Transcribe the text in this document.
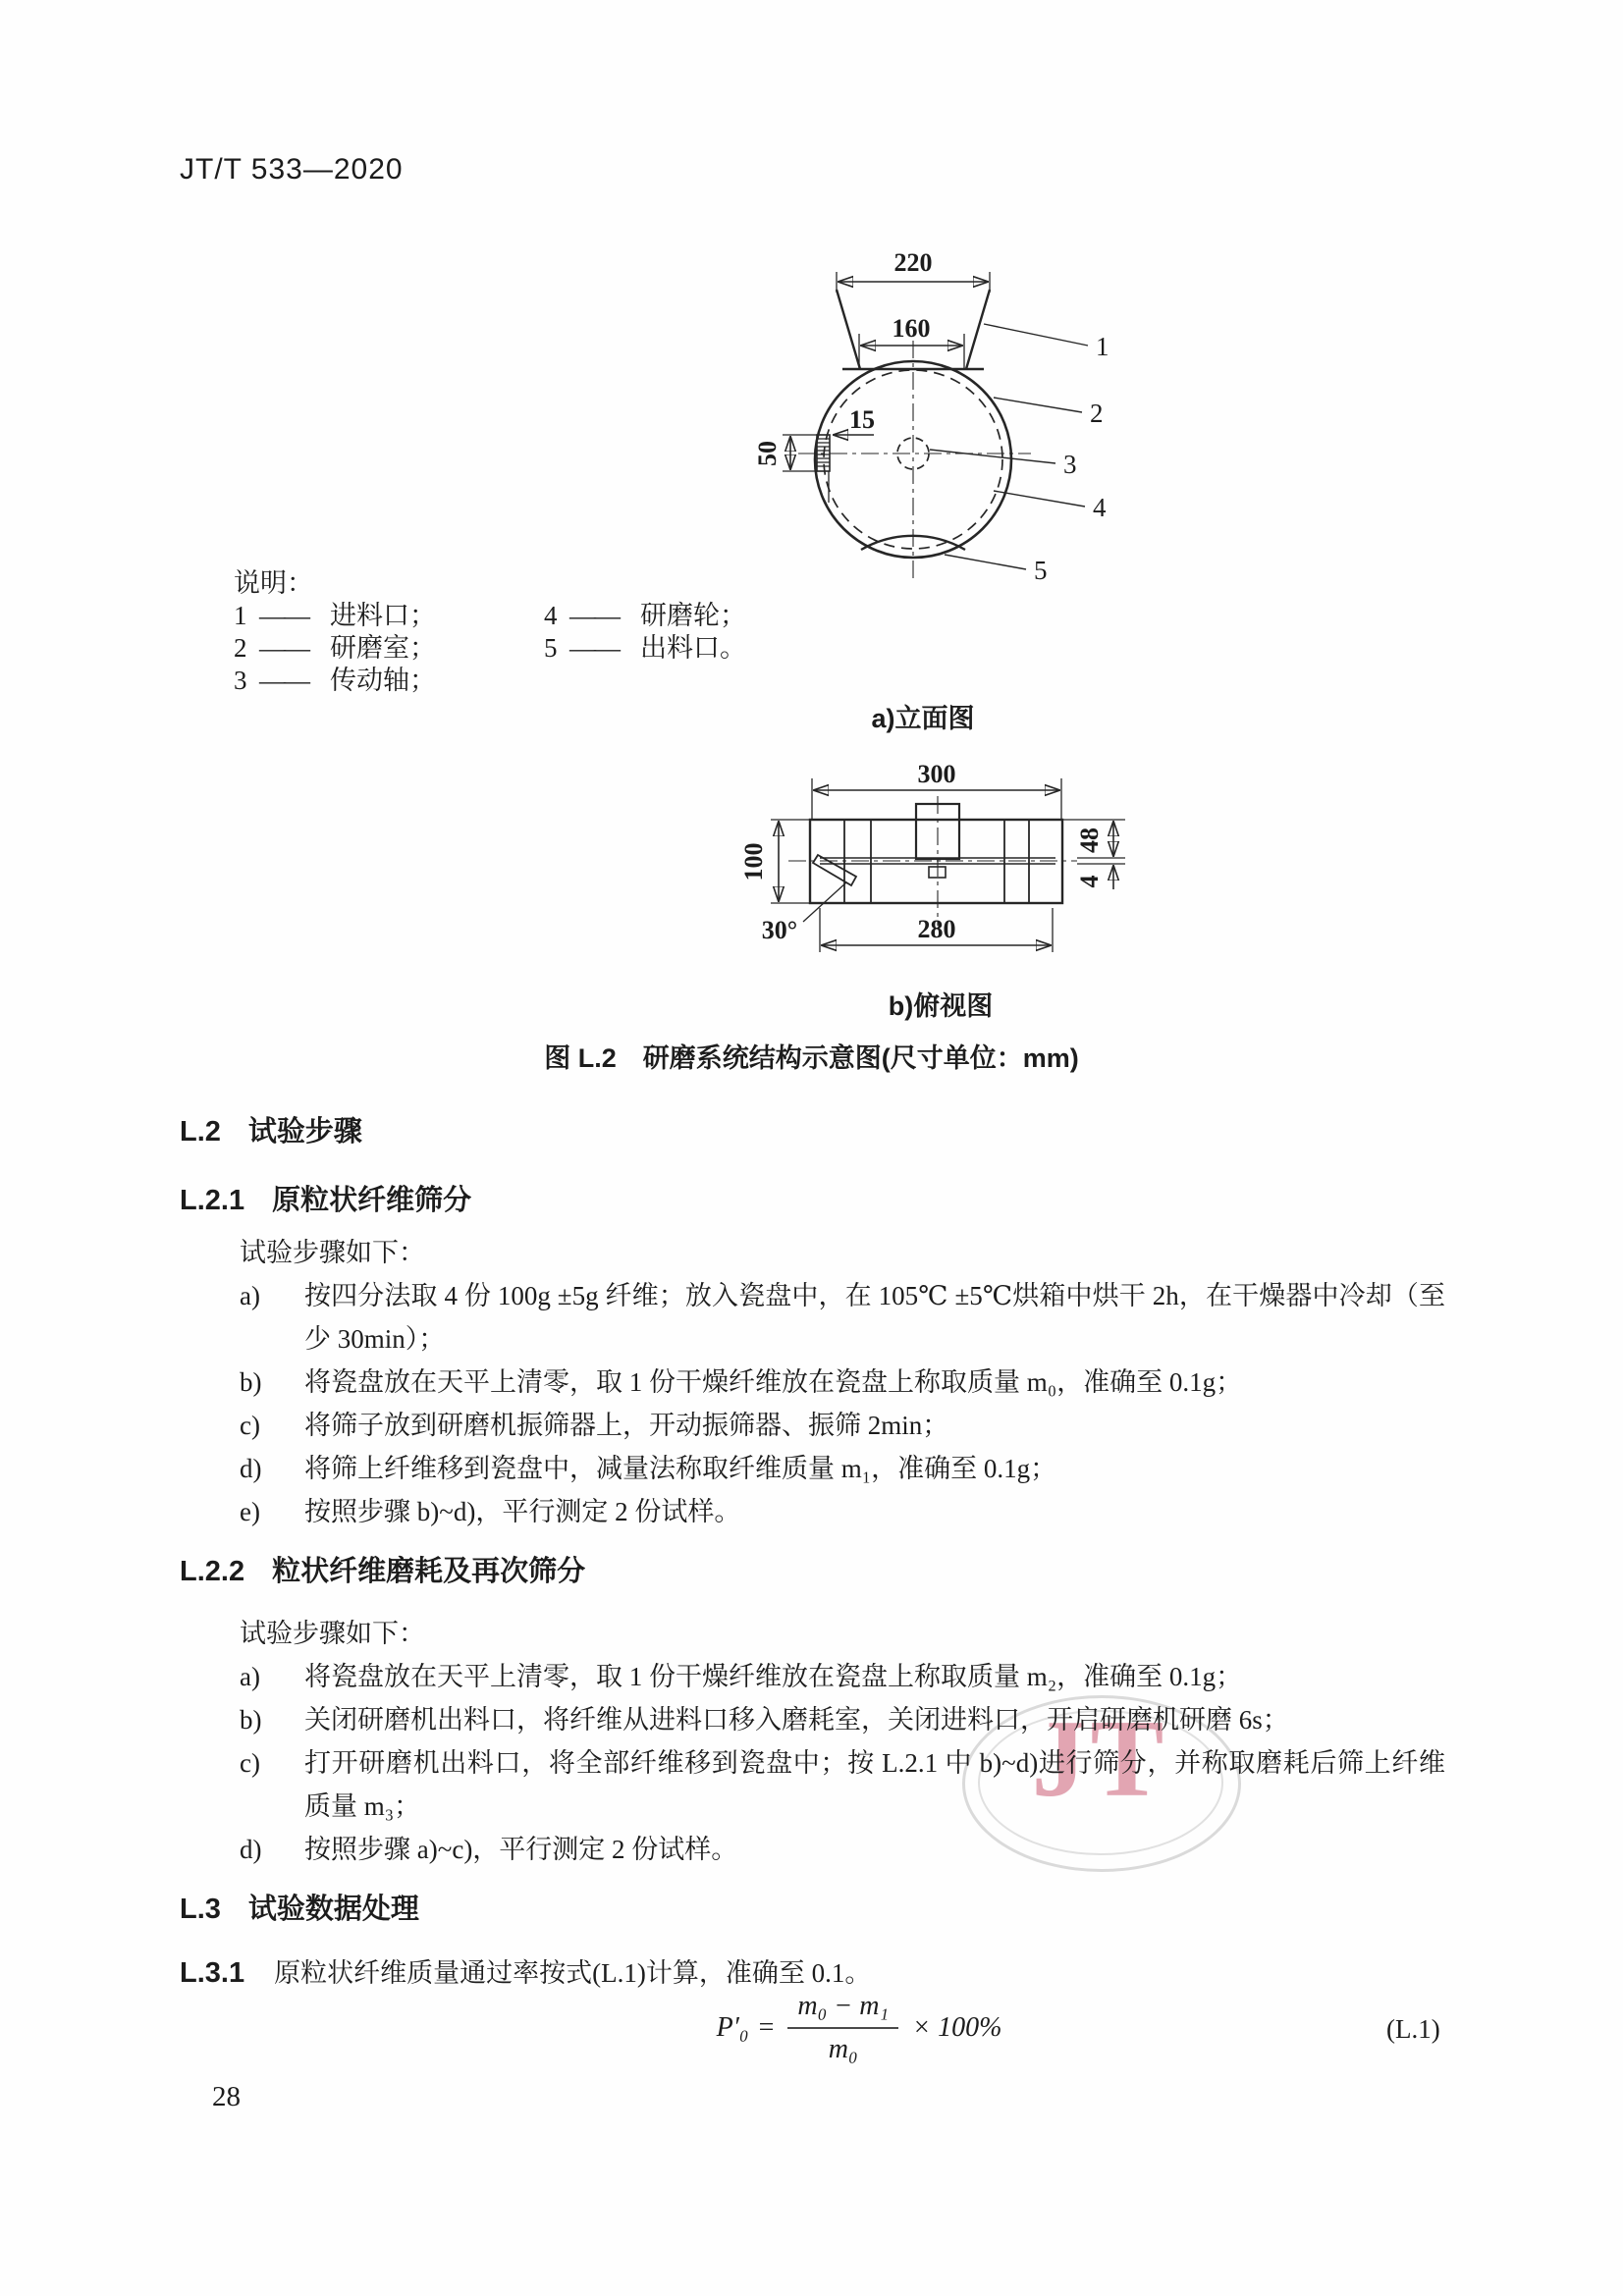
JT
JT/T 533—2020
220
160
50
15
1
2
3
4
5
说明：
1 —— 进料口；	4 —— 研磨轮；
2 —— 研磨室；	5 —— 出料口。
3 —— 传动轴；
a)立面图
300
30°
100
48
4
280
b)俯视图
图 L.2　研磨系统结构示意图(尺寸单位：mm)
L.2 试验步骤
L.2.1 原粒状纤维筛分

试验步骤如下：

a)	按四分法取 4 份 100g ±5g 纤维；放入瓷盘中，在 105℃ ±5℃烘箱中烘干 2h，在干燥器中冷却（至少 30min）；
b)	将瓷盘放在天平上清零，取 1 份干燥纤维放在瓷盘上称取质量 m₀，准确至 0.1g；
c)	将筛子放到研磨机振筛器上，开动振筛器、振筛 2min；
d)	将筛上纤维移到瓷盘中，减量法称取纤维质量 m₁，准确至 0.1g；
e)	按照步骤 b)~d)，平行测定 2 份试样。
L.2.2 粒状纤维磨耗及再次筛分

试验步骤如下：

a)	将瓷盘放在天平上清零，取 1 份干燥纤维放在瓷盘上称取质量 m₂，准确至 0.1g；
b)	关闭研磨机出料口，将纤维从进料口移入磨耗室，关闭进料口，开启研磨机研磨 6s；
c)	打开研磨机出料口，将全部纤维移到瓷盘中；按 L.2.1 中 b)~d)进行筛分，并称取磨耗后筛上纤维质量 m₃；
d)	按照步骤 a)~c)，平行测定 2 份试样。
L.3 试验数据处理
L.3.1 原粒状纤维质量通过率按式(L.1)计算，准确至 0.1。
$P'_0 = \frac{\text{m₀ − m₁}}{\text{m₀}} \times 100\%$	(L.1)
28
